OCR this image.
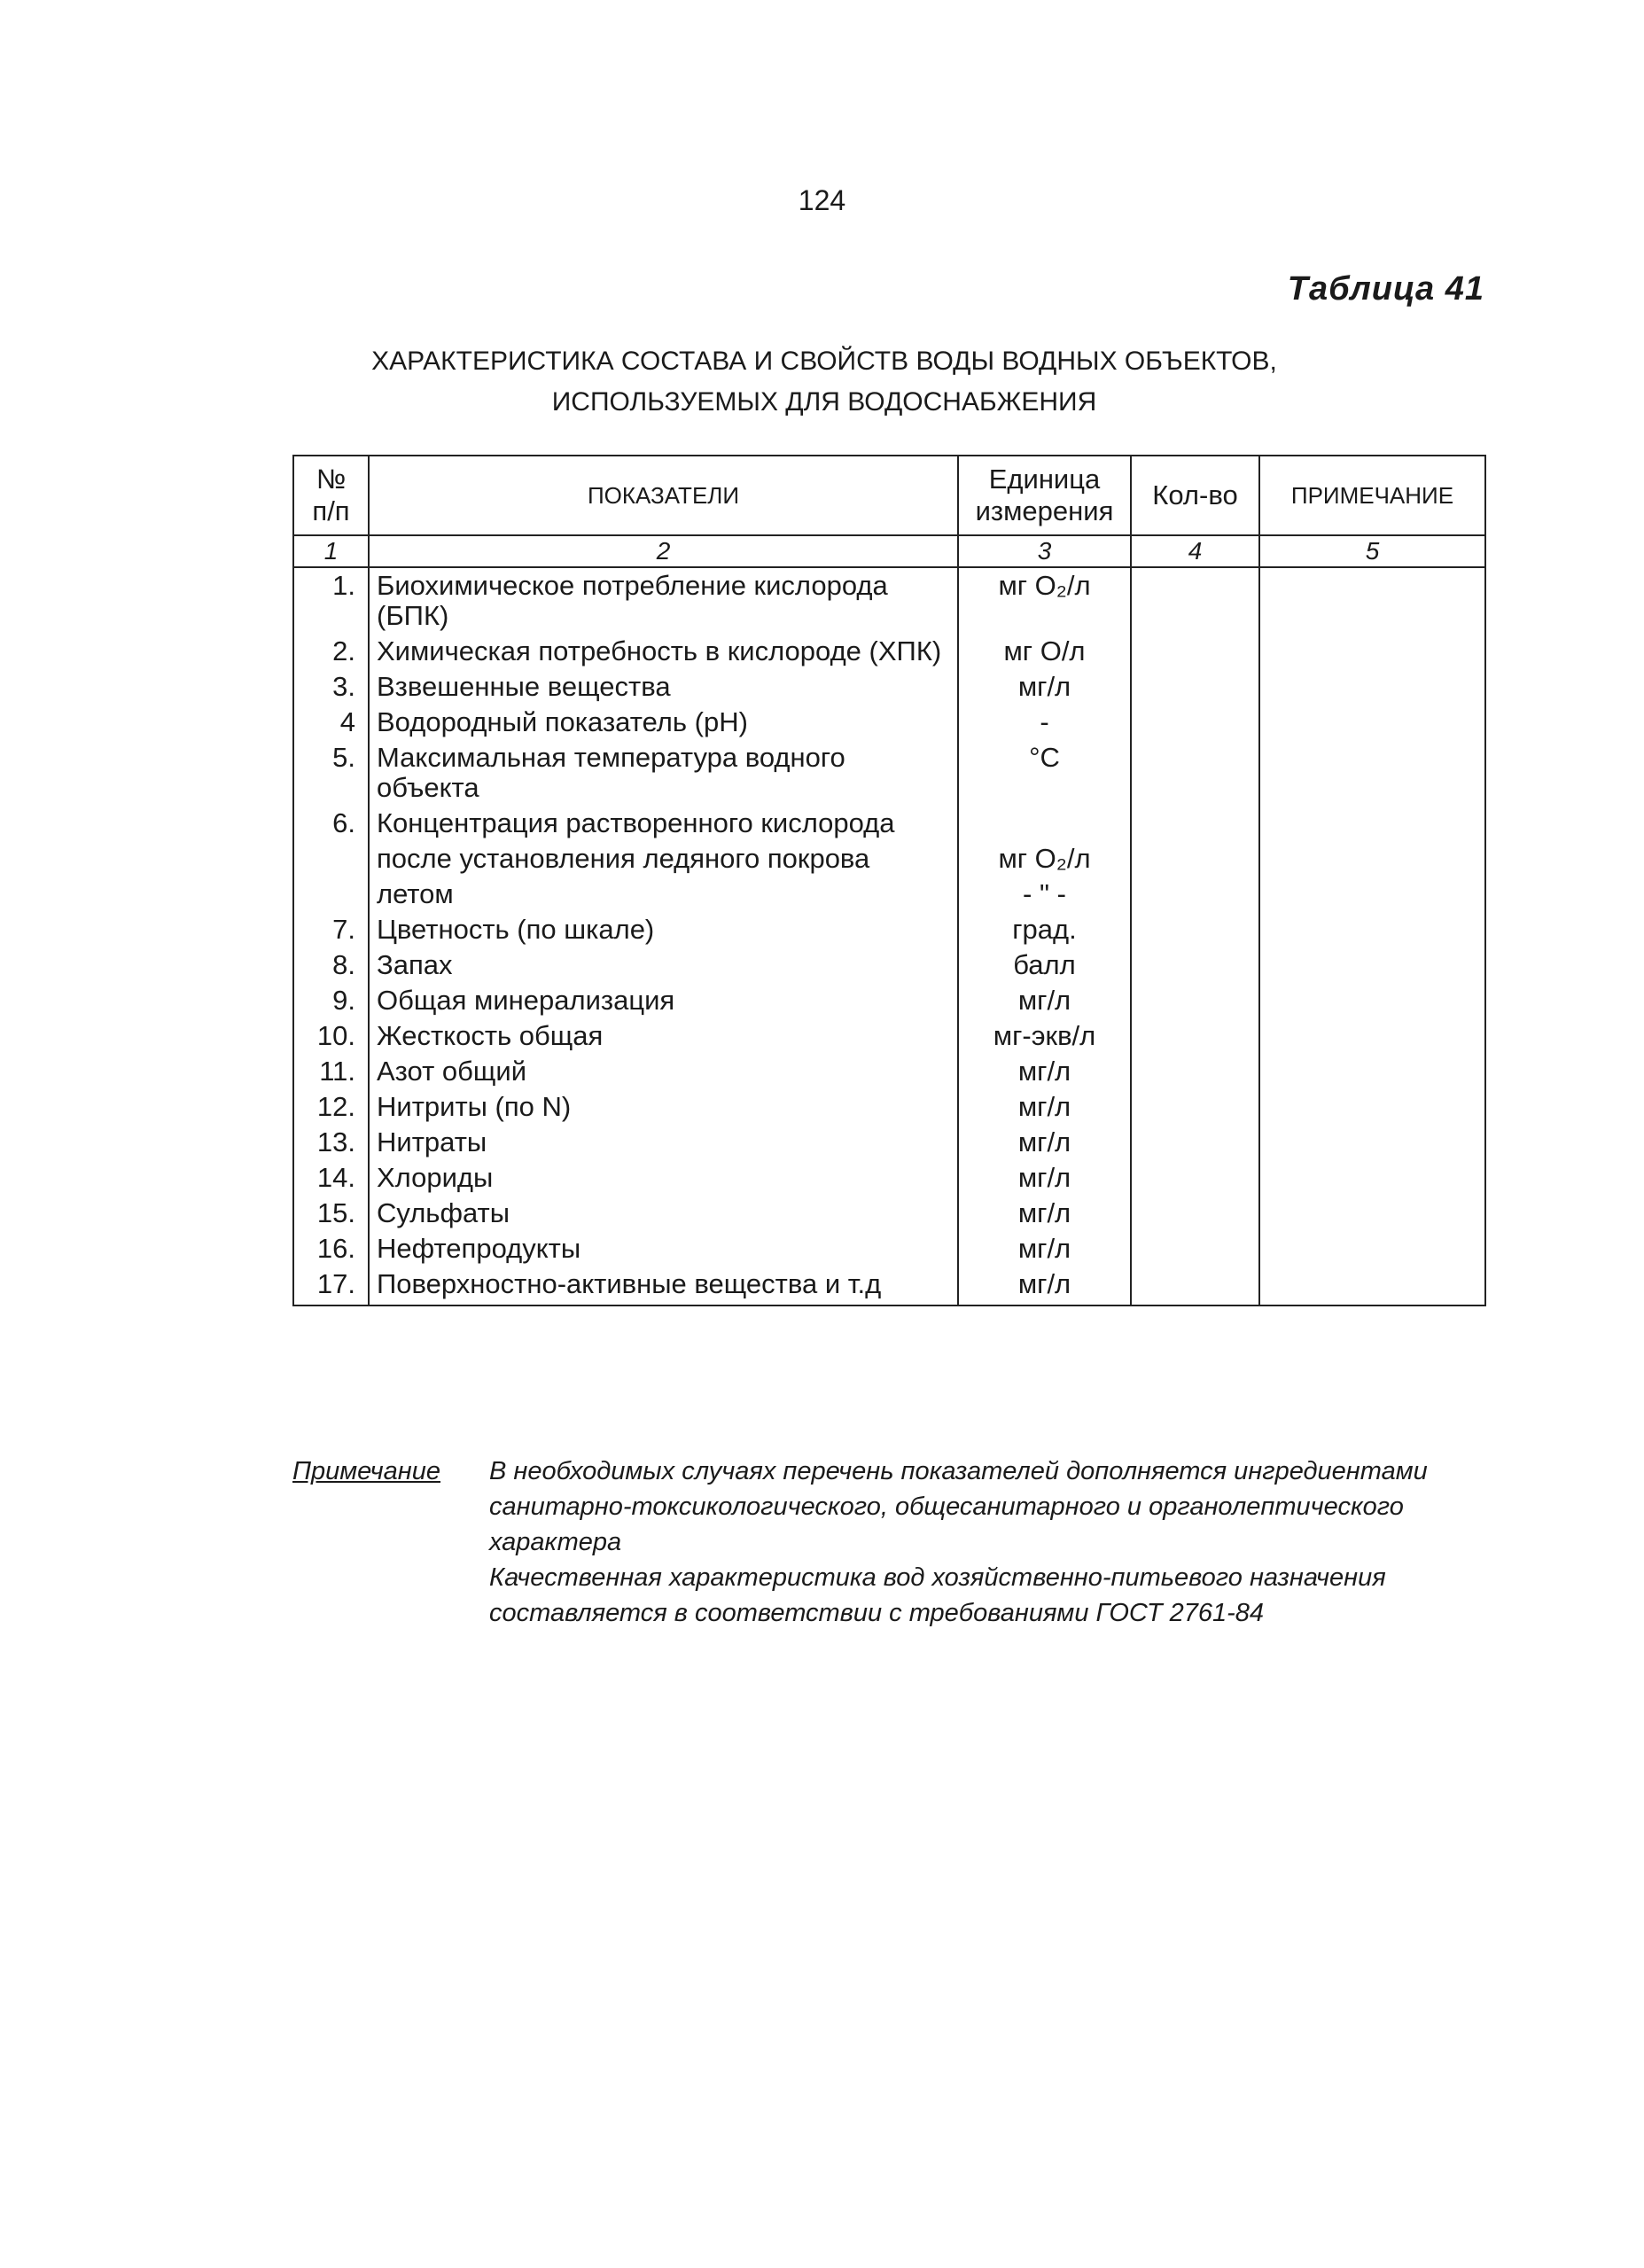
124
Таблица 41
ХАРАКТЕРИСТИКА СОСТАВА И СВОЙСТВ ВОДЫ ВОДНЫХ ОБЪЕКТОВ,
ИСПОЛЬЗУЕМЫХ ДЛЯ ВОДОСНАБЖЕНИЯ
№ п/п	ПОКАЗАТЕЛИ	Единица измерения	Кол-во	ПРИМЕЧАНИЕ
1	2	3	4	5
1.	Биохимическое потребление кислорода (БПК)	мг O₂/л		
2.	Химическая потребность в кислороде (ХПК)	мг O/л		
3.	Взвешенные вещества	мг/л		
4	Водородный показатель (pH)	-		
5.	Максимальная температура водного объекта	°C		
6.	Концентрация растворенного кислорода			
	после установления ледяного покрова	мг O₂/л		
	летом	- " -		
7.	Цветность (по шкале)	град.		
8.	Запах	балл		
9.	Общая минерализация	мг/л		
10.	Жесткость общая	мг-экв/л		
11.	Азот общий	мг/л		
12.	Нитриты (по N)	мг/л		
13.	Нитраты	мг/л		
14.	Хлориды	мг/л		
15.	Сульфаты	мг/л		
16.	Нефтепродукты	мг/л		
17.	Поверхностно-активные вещества и т.д	мг/л		
Примечание	В необходимых случаях перечень показателей дополняется ингредиентами санитарно-токсикологического, общесанитарного и органолептического характера

Качественная характеристика вод хозяйственно-питьевого назначения составляется в соответствии с требованиями ГОСТ 2761-84
